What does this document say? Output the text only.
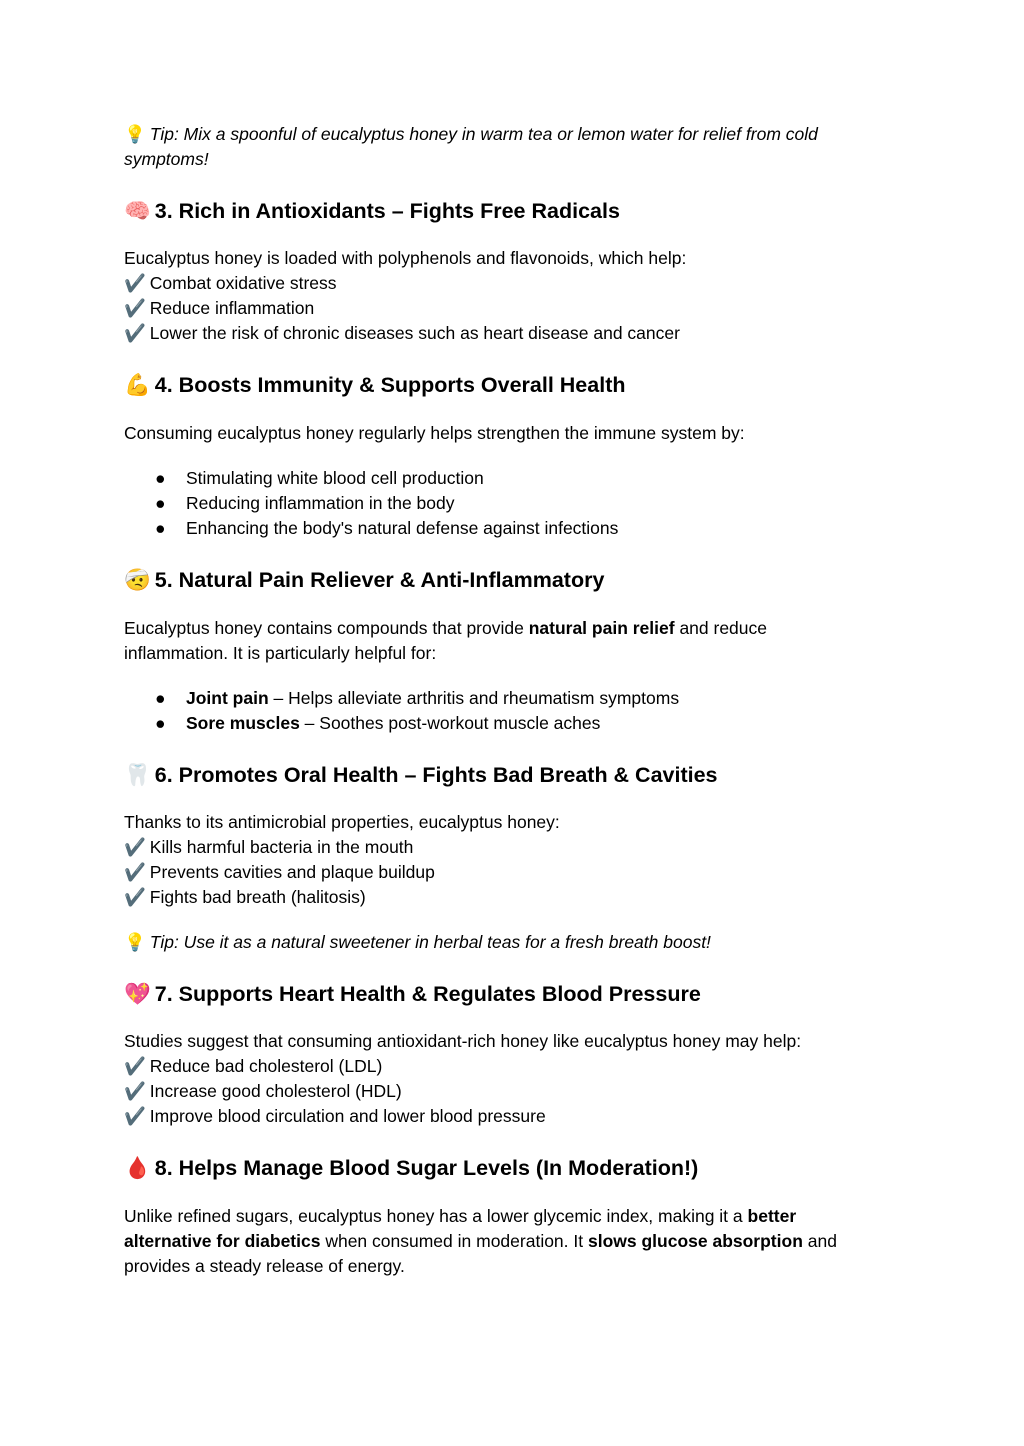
💡 Tip: Mix a spoonful of eucalyptus honey in warm tea or lemon water for relief from cold
symptoms!
🧠 3. Rich in Antioxidants – Fights Free Radicals
Eucalyptus honey is loaded with polyphenols and flavonoids, which help:
✔️ Combat oxidative stress
✔️ Reduce inflammation
✔️ Lower the risk of chronic diseases such as heart disease and cancer
💪 4. Boosts Immunity & Supports Overall Health
Consuming eucalyptus honey regularly helps strengthen the immune system by:
● Stimulating white blood cell production
● Reducing inflammation in the body
● Enhancing the body's natural defense against infections
🤕 5. Natural Pain Reliever & Anti-Inflammatory
Eucalyptus honey contains compounds that provide natural pain relief and reduce
inflammation. It is particularly helpful for:
● Joint pain – Helps alleviate arthritis and rheumatism symptoms
● Sore muscles – Soothes post-workout muscle aches
🦷 6. Promotes Oral Health – Fights Bad Breath & Cavities
Thanks to its antimicrobial properties, eucalyptus honey:
✔️ Kills harmful bacteria in the mouth
✔️ Prevents cavities and plaque buildup
✔️ Fights bad breath (halitosis)
💡 Tip: Use it as a natural sweetener in herbal teas for a fresh breath boost!
💖 7. Supports Heart Health & Regulates Blood Pressure
Studies suggest that consuming antioxidant-rich honey like eucalyptus honey may help:
✔️ Reduce bad cholesterol (LDL)
✔️ Increase good cholesterol (HDL)
✔️ Improve blood circulation and lower blood pressure
🩸 8. Helps Manage Blood Sugar Levels (In Moderation!)
Unlike refined sugars, eucalyptus honey has a lower glycemic index, making it a better
alternative for diabetics when consumed in moderation. It slows glucose absorption and
provides a steady release of energy.
